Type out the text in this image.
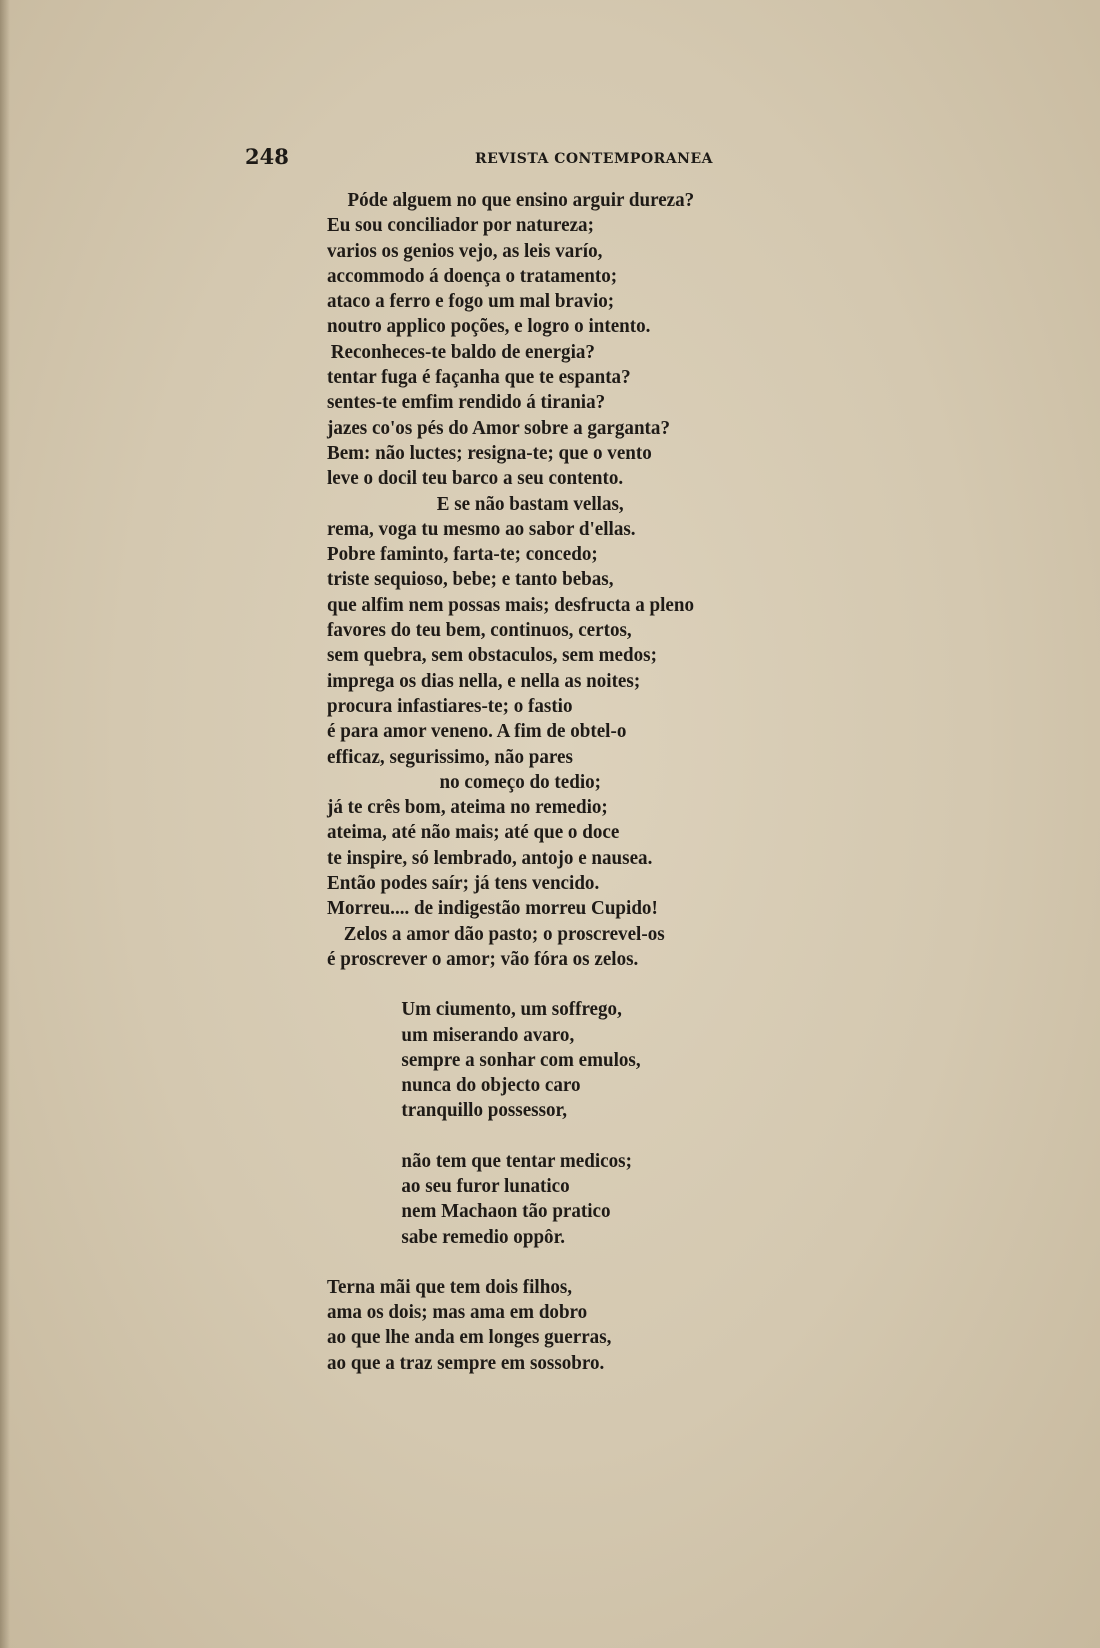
248	REVISTA CONTEMPORANEA
Póde alguem no que ensino arguir dureza?
Eu sou conciliador por natureza;
varios os genios vejo, as leis varío,
accommodo á doença o tratamento;
ataco a ferro e fogo um mal bravio;
noutro applico poções, e logro o intento.
Reconheces-te baldo de energia?
tentar fuga é façanha que te espanta?
sentes-te emfim rendido á tirania?
jazes co'os pés do Amor sobre a garganta?
Bem: não luctes; resigna-te; que o vento
leve o docil teu barco a seu contento.
E se não bastam vellas,
rema, voga tu mesmo ao sabor d'ellas.
Pobre faminto, farta-te; concedo;
triste sequioso, bebe; e tanto bebas,
que alfim nem possas mais; desfructa a pleno
favores do teu bem, continuos, certos,
sem quebra, sem obstaculos, sem medos;
imprega os dias nella, e nella as noites;
procura infastiares-te; o fastio
é para amor veneno. A fim de obtel-o
efficaz, segurissimo, não pares
no começo do tedio;
já te crês bom, ateima no remedio;
ateima, até não mais; até que o doce
te inspire, só lembrado, antojo e nausea.
Então podes saír; já tens vencido.
Morreu.... de indigestão morreu Cupido!
Zelos a amor dão pasto; o proscrevel-os
é proscrever o amor; vão fóra os zelos.
Um ciumento, um soffrego,
um miserando avaro,
sempre a sonhar com emulos,
nunca do objecto caro
tranquillo possessor,
não tem que tentar medicos;
ao seu furor lunatico
nem Machaon tão pratico
sabe remedio oppôr.
Terna mãi que tem dois filhos,
ama os dois; mas ama em dobro
ao que lhe anda em longes guerras,
ao que a traz sempre em sossobro.
